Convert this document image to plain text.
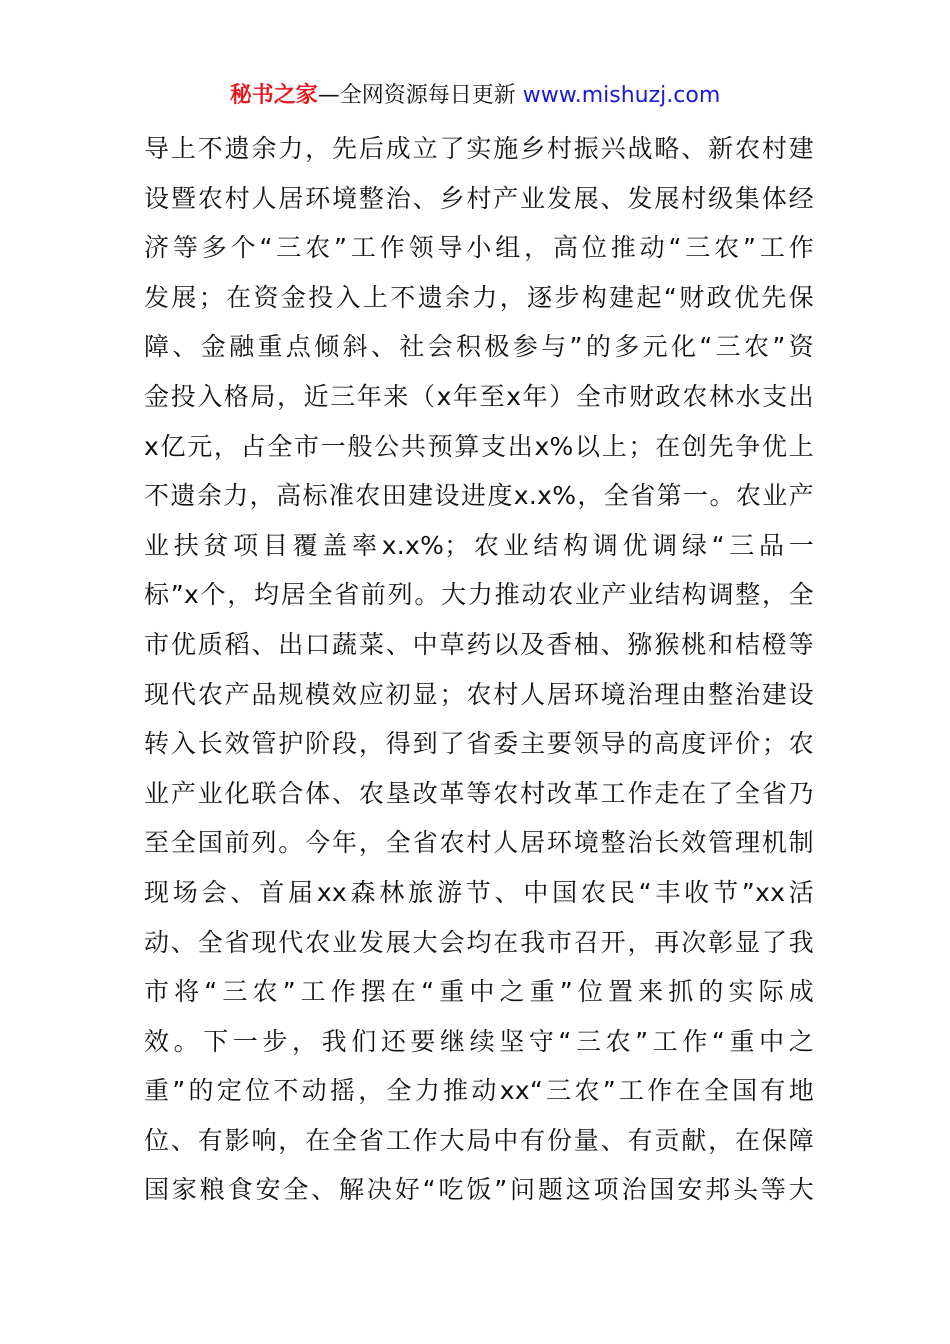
秘书之家—全网资源每日更新 www.mishuzj.com
导上不遗余力，先后成立了实施乡村振兴战略、新农村建
设暨农村人居环境整治、乡村产业发展、发展村级集体经
济等多个“三农”工作领导小组，高位推动“三农”工作
发展；在资金投入上不遗余力，逐步构建起“财政优先保
障、金融重点倾斜、社会积极参与”的多元化“三农”资
金投入格局，近三年来（x年至x年）全市财政农林水支出
x亿元，占全市一般公共预算支出x%以上；在创先争优上
不遗余力，高标准农田建设进度x.x%，全省第一。农业产
业扶贫项目覆盖率x.x%；农业结构调优调绿“三品一
标”x个，均居全省前列。大力推动农业产业结构调整，全
市优质稻、出口蔬菜、中草药以及香柚、猕猴桃和桔橙等
现代农产品规模效应初显；农村人居环境治理由整治建设
转入长效管护阶段，得到了省委主要领导的高度评价；农
业产业化联合体、农垦改革等农村改革工作走在了全省乃
至全国前列。今年，全省农村人居环境整治长效管理机制
现场会、首届xx森林旅游节、中国农民“丰收节”xx活
动、全省现代农业发展大会均在我市召开，再次彰显了我
市将“三农”工作摆在“重中之重”位置来抓的实际成
效。下一步，我们还要继续坚守“三农”工作“重中之
重”的定位不动摇，全力推动xx“三农”工作在全国有地
位、有影响，在全省工作大局中有份量、有贡献，在保障
国家粮食安全、解决好“吃饭”问题这项治国安邦头等大
